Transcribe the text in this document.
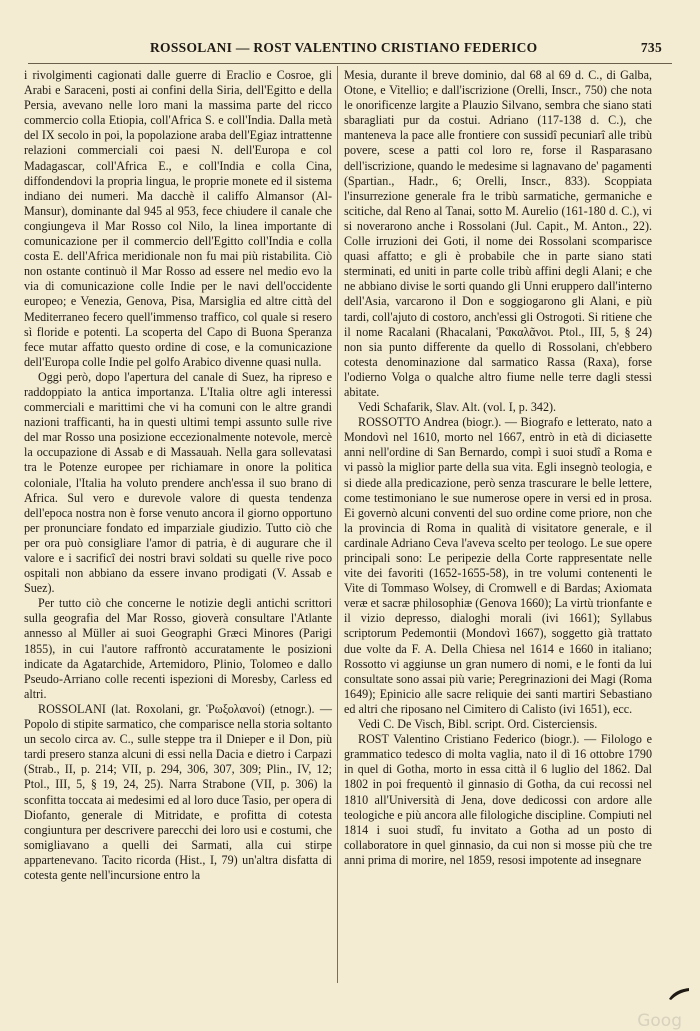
ROSSOLANI — ROST VALENTINO CRISTIANO FEDERICO	735

i rivolgimenti cagionati dalle guerre di Eraclio e Cosroe, gli Arabi e Saraceni, posti ai confini della Siria, dell'Egitto e della Persia, avevano nelle loro mani la massima parte del ricco commercio colla Etiopia, coll'Africa S. e coll'India. Dalla metà del IX secolo in poi, la popolazione araba dell'Egiaz intrattenne relazioni commerciali coi paesi N. dell'Europa e col Madagascar, coll'Africa E., e coll'India e colla Cina, diffondendovi la propria lingua, le proprie monete ed il sistema indiano dei numeri. Ma dacchè il califfo Almansor (Al-Mansur), dominante dal 945 al 953, fece chiudere il canale che congiungeva il Mar Rosso col Nilo, la linea importante di comunicazione per il commercio dell'Egitto coll'India e colla costa E. dell'Africa meridionale non fu mai più ristabilita. Ciò non ostante continuò il Mar Rosso ad essere nel medio evo la via di comunicazione colle Indie per le navi dell'occidente europeo; e Venezia, Genova, Pisa, Marsiglia ed altre città del Mediterraneo fecero quell'immenso traffico, col quale si resero sì floride e potenti. La scoperta del Capo di Buona Speranza fece mutar affatto questo ordine di cose, e la comunicazione dell'Europa colle Indie pel golfo Arabico divenne quasi nulla.

Oggi però, dopo l'apertura del canale di Suez, ha ripreso e raddoppiato la antica importanza. L'Italia oltre agli interessi commerciali e marittimi che vi ha comuni con le altre grandi nazioni trafficanti, ha in questi ultimi tempi assunto sulle rive del mar Rosso una posizione eccezionalmente notevole, mercè la occupazione di Assab e di Massauah. Nella gara sollevatasi tra le Potenze europee per richiamare in onore la politica coloniale, l'Italia ha voluto prendere anch'essa il suo brano di Africa. Sul vero e durevole valore di questa tendenza dell'epoca nostra non è forse venuto ancora il giorno opportuno per pronunciare fondato ed imparziale giudizio. Tutto ciò che per ora può consigliare l'amor di patria, è di augurare che il valore e i sacrificî dei nostri bravi soldati su quelle rive poco ospitali non abbiano da essere invano prodigati (V. Assab e Suez).

Per tutto ciò che concerne le notizie degli antichi scrittori sulla geografia del Mar Rosso, gioverà consultare l'Atlante annesso al Müller ai suoi Geographi Græci Minores (Parigi 1855), in cui l'autore raffrontò accuratamente le posizioni indicate da Agatarchide, Artemidoro, Plinio, Tolomeo e dallo Pseudo-Arriano colle recenti ispezioni di Moresby, Carless ed altri.

ROSSOLANI (lat. Roxolani, gr. Ῥωξολανοί) (etnogr.). — Popolo di stipite sarmatico, che comparisce nella storia soltanto un secolo circa av. C., sulle steppe tra il Dnieper e il Don, più tardi presero stanza alcuni di essi nella Dacia e dietro i Carpazi (Strab., II, p. 214; VII, p. 294, 306, 307, 309; Plin., IV, 12; Ptol., III, 5, § 19, 24, 25). Narra Strabone (VII, p. 306) la sconfitta toccata ai medesimi ed al loro duce Tasio, per opera di Diofanto, generale di Mitridate, e profitta di cotesta congiuntura per descrivere parecchi dei loro usi e costumi, che somigliavano a quelli dei Sarmati, alla cui stirpe appartenevano. Tacito ricorda (Hist., I, 79) un'altra disfatta di cotesta gente nell'incursione entro la

Mesia, durante il breve dominio, dal 68 al 69 d. C., di Galba, Otone, e Vitellio; e dall'iscrizione (Orelli, Inscr., 750) che nota le onorificenze largite a Plauzio Silvano, sembra che siano stati sbaragliati pur da costui. Adriano (117-138 d. C.), che mantenevа la pace alle frontiere con sussidî pecuniarî alle tribù povere, scese a patti col loro re, forse il Rasparasano dell'iscrizione, quando le medesime si lagnavano de' pagamenti (Spartian., Hadr., 6; Orelli, Inscr., 833). Scoppiata l'insurrezione generale fra le tribù sarmatiche, germaniche e scitiche, dal Reno al Tanai, sotto M. Aurelio (161-180 d. C.), vi si noverarono anche i Rossolani (Jul. Capit., M. Anton., 22). Colle irruzioni dei Goti, il nome dei Rossolani scomparisce quasi affatto; e gli è probabile che in parte siano stati sterminati, ed uniti in parte colle tribù affini degli Alani; e che ne abbiano divise le sorti quando gli Unni eruppero dall'interno dell'Asia, varcarono il Don e soggiogarono gli Alani, e più tardi, coll'ajuto di costoro, anch'essi gli Ostrogoti. Si ritiene che il nome Racalani (Rhacalani, Ῥακαλᾶνοι. Ptol., III, 5, § 24) non sia punto differente da quello di Rossolani, ch'ebbero cotesta denominazione dal sarmatico Rassa (Raxa), forse l'odierno Volga o qualche altro fiume nelle terre dagli stessi abitate.

Vedi Schafarik, Slav. Alt. (vol. I, p. 342).

ROSSOTTO Andrea (biogr.). — Biografo e letterato, nato a Mondovì nel 1610, morto nel 1667, entrò in età di diciasette anni nell'ordine di San Bernardo, compì i suoi studî a Roma e vi passò la miglior parte della sua vita. Egli insegnò teologia, e si diede alla predicazione, però senza trascurare le belle lettere, come testimoniano le sue numerose opere in versi ed in prosa. Ei governò alcuni conventi del suo ordine come priore, non che la provincia di Roma in qualità di visitatore generale, e il cardinale Adriano Ceva l'aveva scelto per teologo. Le sue opere principali sono: Le peripezie della Corte rappresentate nelle vite dei favoriti (1652-1655-58), in tre volumi contenenti le Vite di Tommaso Wolsey, di Cromwell e di Bardas; Axiomata veræ et sacræ philosophiæ (Genova 1660); La virtù trionfante e il vizio depresso, dialoghi morali (ivi 1661); Syllabus scriptorum Pedemontii (Mondovì 1667), soggetto già trattato due volte da F. A. Della Chiesa nel 1614 e 1660 in italiano; Rossotto vi aggiunse un gran numero di nomi, e le fonti da lui consultate sono assai più varie; Peregrinazioni dei Magi (Roma 1649); Epinicio alle sacre reliquie dei santi martiri Sebastiano ed altri che riposano nel Cimitero di Calisto (ivi 1651), ecc.

Vedi C. De Visch, Bibl. script. Ord. Cisterciensis.

ROST Valentino Cristiano Federico (biogr.). — Filologo e grammatico tedesco di molta vaglia, nato il dì 16 ottobre 1790 in quel di Gotha, morto in essa città il 6 luglio del 1862. Dal 1802 in poi frequentò il ginnasio di Gotha, da cui recossi nel 1810 all'Università di Jena, dove dedicossi con ardore alle teologiche e più ancora alle filologiche discipline. Compiuti nel 1814 i suoi studî, fu invitato a Gotha ad un posto di collaboratore in quel ginnasio, da cui non si mosse più che tre anni prima di morire, nel 1859, resosi impotente ad insegnare

Goog
